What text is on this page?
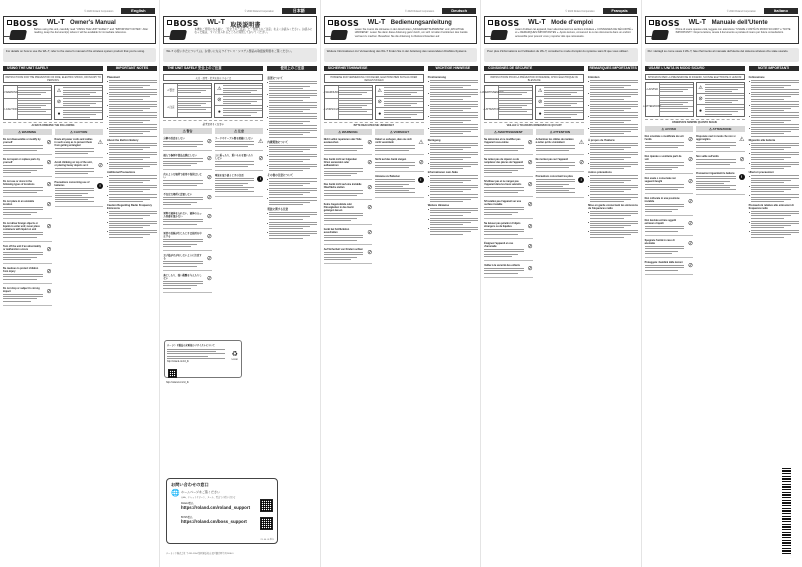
© 2020 Roland Corporation	English
BOSS WL-T Owner's Manual
Before using this unit, carefully read "USING THE UNIT SAFELY" and "IMPORTANT NOTES". After reading, keep the document(s) where it will be available for immediate reference.
For details on how to use the WL-T, refer to the owner's manual of the wireless system product that you're using.
USING THE UNIT SAFELY	IMPORTANT NOTES
INSTRUCTIONS FOR THE PREVENTION OF FIRE, ELECTRIC SHOCK, OR INJURY TO PERSONS
⚠ WARNING
⚠ CAUTION
⚠
⊘
●
ALWAYS OBSERVE THE FOLLOWING
⚠ WARNING
Do not disassemble or modify by yourself	⊘
Do not repair or replace parts by yourself	⊘
Do not use or store in the following types of locations	⊘
Do not place in an unstable location	⊘
Do not allow foreign objects or liquids to enter unit; never place containers with liquid on unit	⊘
Turn off the unit if an abnormality or malfunction occurs	⊘
Be cautious to protect children from injury	⊘
Do not drop or subject to strong impact	⊘
⚠ CAUTION
Route all power cords and cables in such a way as to prevent them from getting entangled	⚠
Avoid climbing on top of the unit, or placing heavy objects on it	⊘
Precautions concerning use of batteries	!
Placement
About the Built-in Battery
Additional Precautions
Caution Regarding Radio Frequency Emissions
© 2020 Roland Corporation	日本語
BOSS WL-T 取扱説明書
本機をご使用になる前に、「安全上のご注意」と「使用上のご注意」をよくお読みください。お読みになった後は、すぐに見られるところに保管しておいてください。
WL-T の使いかたについては、お使いになるワイヤレス・システム製品の取扱説明書をご覧ください。
THE UNIT SAFELY 安全上のご注意	使用上のご注意
火災・感電・傷害を防止するには
⚠ 警告
⚠ 注意
⚠
⊘
●
必ずお守りください
⚠ 警告
分解や改造をしない
⊘
個人で修理や部品交換はしない
⊘
次のような場所で使用や保管はしない	⊘
不安定な場所に設置しない
⊘
異物や液体を入れない、液体の入った容器を置かない	⊘
異常や故障が生じたときは使用を中止する	⊘
お子様がけがをしないように注意する	⊘
落としたり、強い衝撃を与えたりしない	⊘
⚠ 注意
コードやケーブル類を煩雑にしない
⚠
上に乗ったり、重いものを置いたりしない	⊘
電池を取り扱うときの注意
!
設置について
内蔵電池について
その他の注意について
電波に関する注意
© 2020 Roland Corporation	Deutsch
BOSS WL-T Bedienungsanleitung
Lesen Sie zuerst die Hinweise in den Abschnitten „SICHERHEITSHINWEISE" und „WICHTIGE HINWEISE". Lesen Sie dann diese Anleitung ganz durch, um sich mit allen Funktionen des Geräts vertraut zu machen. Bewahren Sie die Anleitung zu Referenzzwecken auf.
Weitere Informationen zur Verwendung des WL-T finden Sie in der Anleitung des verwendeten Drahtlos-Systems.
SICHERHEITSHINWEISE	WICHTIGE HINWEISE
HINWEISE ZUR VERMEIDUNG VON FEUER, ELEKTRISCHEM SCHLAG ODER VERLETZUNGEN
⚠ WARNUNG
⚠ VORSICHT
⚠
⊘
●
BITTE BEACHTEN SIE UNBEDINGT
⚠ WARNUNG
Nicht selbst reparieren oder Teile austauschen	⊘
Das Gerät nicht an folgenden Orten verwenden oder aufbewahren	⊘
Das Gerät nicht auf eine instabile Oberfläche stellen	⊘
Keine Gegenstände oder Flüssigkeiten in das Gerät gelangen lassen	⊘
Gerät bei Fehlfunktion ausschalten	⊘
Auf Sicherheit von Kindern achten
⊘
⚠ VORSICHT
Kabel so verlegen, dass sie sich nicht verwickeln	⚠
Nicht auf das Gerät steigen
⊘
Hinweise zu Batterien
!
Positionierung
Reinigung
Informationen zum Akku
Weitere Hinweise
© 2020 Roland Corporation	Français
BOSS WL-T Mode d'emploi
Avant d'utiliser cet appareil, lisez attentivement les sections intitulées « CONSIGNES DE SÉCURITÉ » et « REMARQUES IMPORTANTES ». Après lecture, conservez le ou les documents dans un endroit accessible pour pouvoir vous y reporter dès que nécessaire.
Pour plus d'informations sur l'utilisation du WL-T, consultez le mode d'emploi du système sans fil que vous utilisez.
CONSIGNES DE SÉCURITÉ	REMARQUES IMPORTANTES
INSTRUCTIONS POUR LA PRÉVENTION D'INCENDIE, CHOC ÉLECTRIQUE OU BLESSURE
⚠ AVERTISSEMENT
⚠ ATTENTION
⚠
⊘
●
VEILLEZ À TOUJOURS OBSERVER CE QUI SUIT
⚠ AVERTISSEMENT
Ne démontez et ne modifiez pas l'appareil vous-même	⊘
Ne tentez pas de réparer ou de remplacer des pièces de l'appareil ⊘
N'utilisez pas et ne rangez pas l'appareil dans les lieux suivants	⊘
N'installez pas l'appareil sur une surface instable	⊘
Ne laissez pas pénétrer d'objets étrangers ou de liquides	⊘
Éteignez l'appareil en cas d'anomalie	⊘
Veillez à la sécurité des enfants
⊘
⚠ ATTENTION
Acheminez les câbles de manière à éviter qu'ils s'emmêlent	⚠
Ne montez pas sur l'appareil
⊘
Précautions concernant les piles
!
Entretien
À propos de l'batterie
Autres précautions
Mise en garde concernant les émissions de fréquences radio
© 2020 Roland Corporation	Italiano
BOSS WL-T Manuale dell'Utente
Prima di usare questa unità, leggete con attenzione "USARE L'UNITÀ IN MODO SICURO" e "NOTE IMPORTANTI". Dopo la lettura, tenete il documento a portata di mano per future consultazioni.
Per i dettagli su come usare il WL-T, fate riferimento al manuale dell'utente del sistema wireless che state usando.
USARE L'UNITÀ IN MODO SICURO	NOTE IMPORTANTI
ISTRUZIONI PER LA PREVENZIONE DI INCENDI, SCOSSE ELETTRICHE O LESIONI
⚠ AVVISO
⚠ ATTENZIONE
⚠
⊘
●
OSSERVATE SEMPRE QUANTO SEGUE
⚠ AVVISO
Non smontate o modificate da soli l'unità	⊘
Non riparate o sostituite parti da soli	⊘
Non usate o conservate nei seguenti luoghi	⊘
Non collocate in una posizione instabile	⊘
Non lasciate entrare oggetti estranei o liquidi	⊘
Spegnete l'unità in caso di anomalie	⊘
Proteggete i bambini dalle lesioni
⊘
⚠ ATTENZIONE
Disponete cavi in modo che non si aggroviglino	⚠
Non salite sull'unità
⊘
Precauzioni riguardanti le batterie
!
Collocazione
Riguardo alla batteria
Ulteriori precauzioni
Precauzioni relative alle emissioni di frequenza radio
ローランド製品の充電池のリサイクルについて
http://roland.cm/rcl_lb
♻
Li-ion
お問い合わせの窓口
🌐 ホームページをご覧ください
Q&A、チャットサポート、メール、電話での問い合わせ
Roland製品
https://roland.cm/roland_support
BOSS製品
https://roland.cm/boss_support
21. 04. 01 現在
http://roland.cm/rcl_lb
ローランド株式会社 〒431-1304 静岡県浜松市北区細江町中川2036-1
